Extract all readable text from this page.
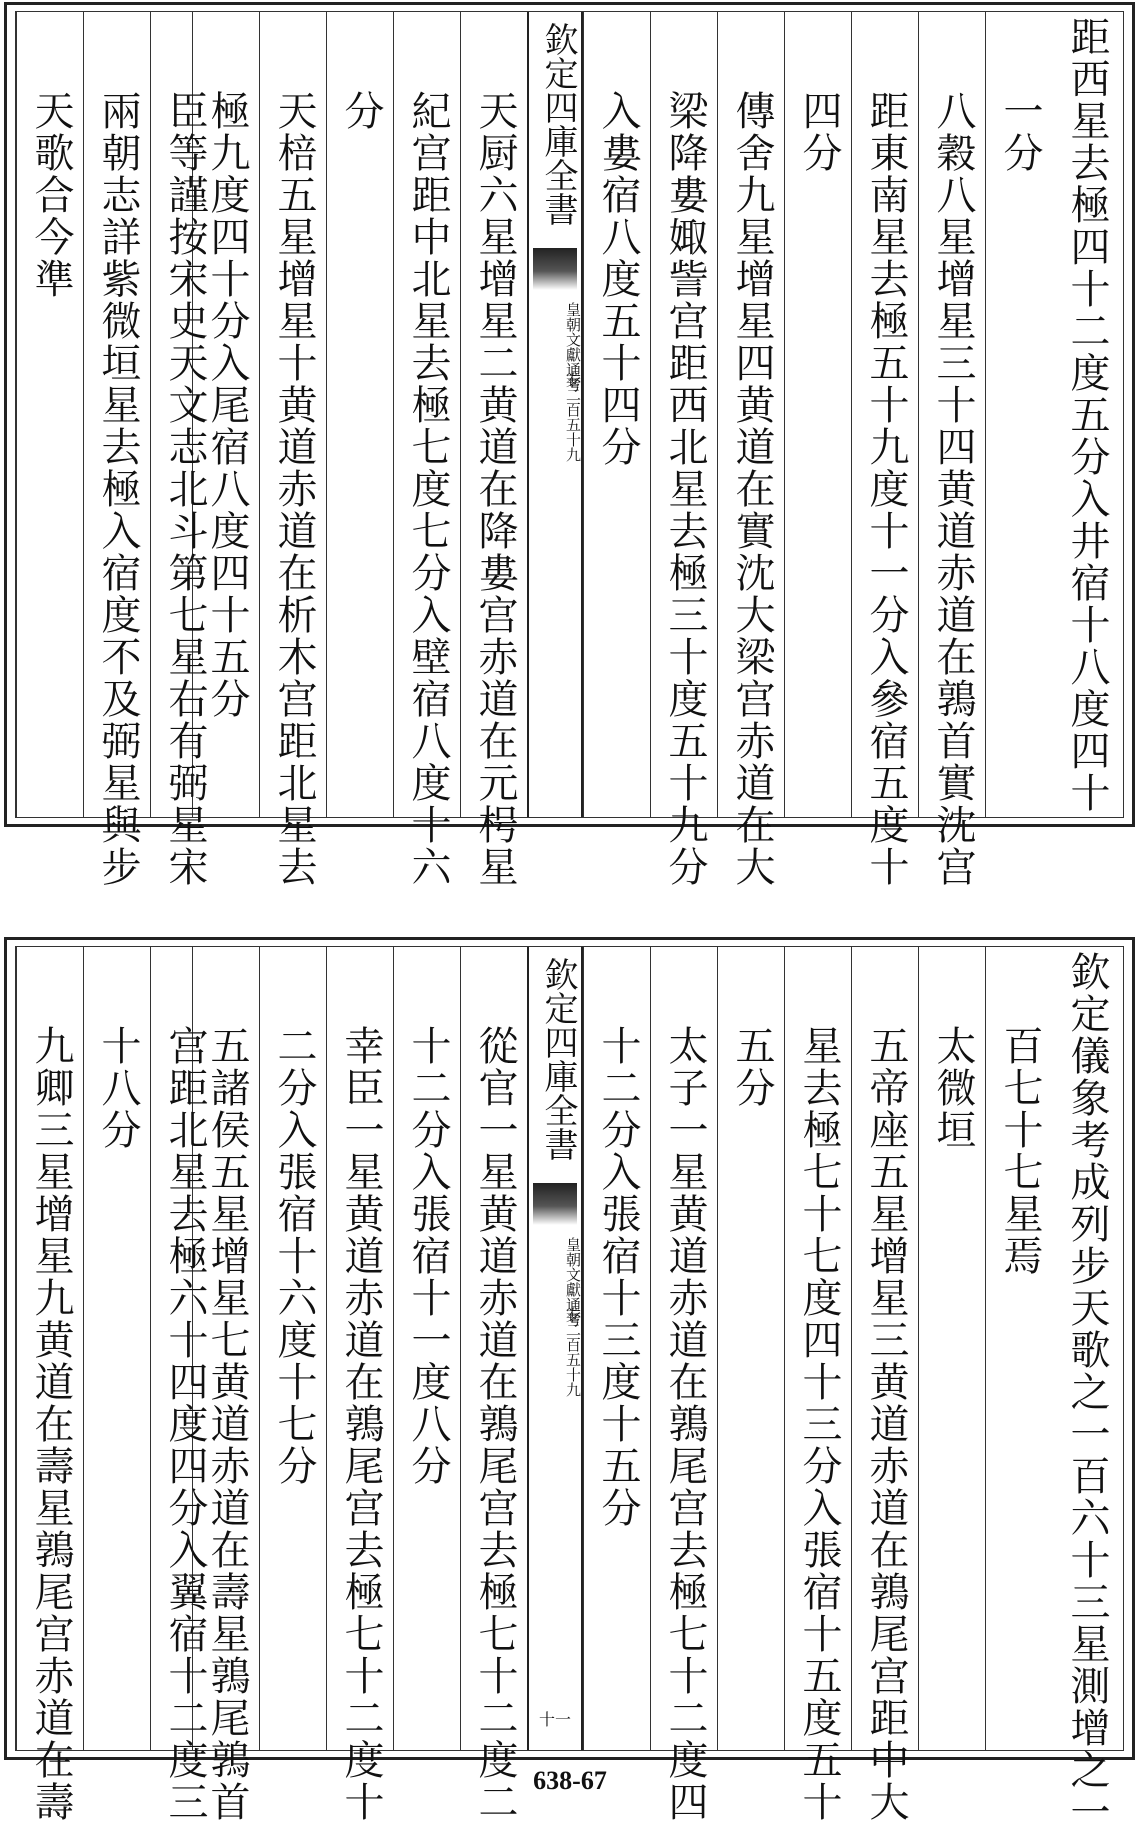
距西星去極四十二度五分入井宿十八度四十
一分
八穀八星增星三十四黄道赤道在鶉首實沈宫
距東南星去極五十九度十一分入參宿五度十
四分
傳舍九星增星四黄道在實沈大梁宫赤道在大
梁降婁娵訾宫距西北星去極三十度五十九分
入婁宿八度五十四分
欽定四庫全書
皇朝文獻通考
卷二百五十九
天厨六星增星二黄道在降婁宫赤道在元枵星
紀宫距中北星去極七度七分入壁宿八度十六
分
天棓五星增星十黄道赤道在析木宫距北星去
極九度四十分入尾宿八度四十五分
臣等謹按宋史天文志北斗第七星右有弼星宋
兩朝志詳紫微垣星去極入宿度不及弼星與步
天歌合今準
欽定儀象考成列步天歌之一百六十三星測增之一
百七十七星焉
太微垣
五帝座五星增星三黄道赤道在鶉尾宫距中大
星去極七十七度四十三分入張宿十五度五十
五分
太子一星黄道赤道在鶉尾宫去極七十二度四
十二分入張宿十三度十五分
欽定四庫全書
皇朝文獻通考
卷二百五十九
十一
從官一星黄道赤道在鶉尾宫去極七十二度二
十二分入張宿十一度八分
幸臣一星黄道赤道在鶉尾宫去極七十二度十
二分入張宿十六度十七分
五諸侯五星增星七黄道赤道在壽星鶉尾鶉首
宫距北星去極六十四度四分入翼宿十二度三
十八分
九卿三星增星九黄道在壽星鶉尾宫赤道在壽	638-67
